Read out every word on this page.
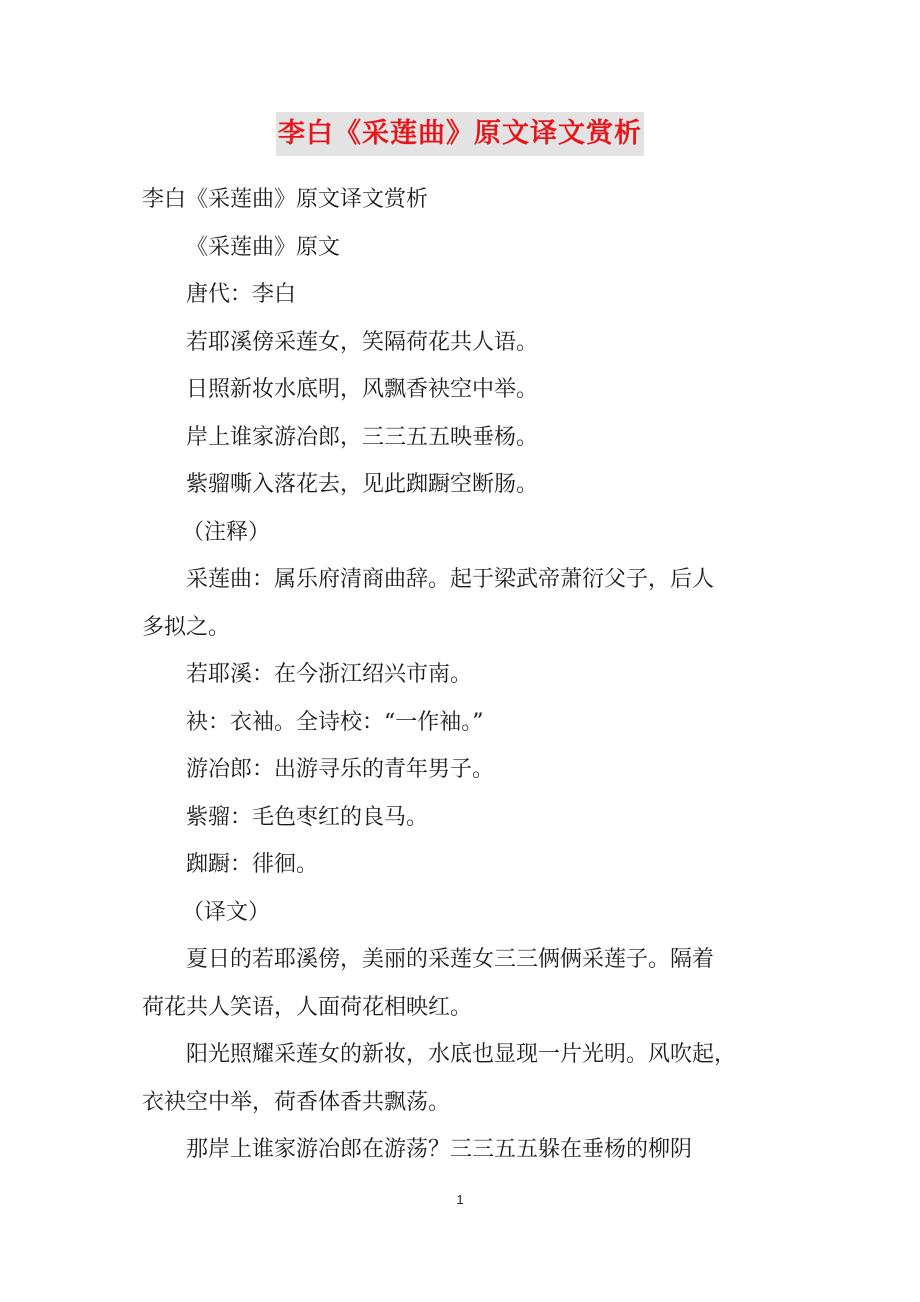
李白《采莲曲》原文译文赏析

李白《采莲曲》原文译文赏析

《采莲曲》原文

唐代：李白

若耶溪傍采莲女，笑隔荷花共人语。

日照新妆水底明，风飘香袂空中举。

岸上谁家游冶郎，三三五五映垂杨。

紫骝嘶入落花去，见此踟蹰空断肠。

（注释）

采莲曲：属乐府清商曲辞。起于梁武帝萧衍父子，后人

多拟之。

若耶溪：在今浙江绍兴市南。

袂：衣袖。全诗校：“一作袖。”

游冶郎：出游寻乐的青年男子。

紫骝：毛色枣红的良马。

踟蹰：徘徊。

（译文）

夏日的若耶溪傍，美丽的采莲女三三俩俩采莲子。隔着

荷花共人笑语，人面荷花相映红。

阳光照耀采莲女的新妆，水底也显现一片光明。风吹起，

衣袂空中举，荷香体香共飘荡。

那岸上谁家游冶郎在游荡？三三五五躲在垂杨的柳阴

1
